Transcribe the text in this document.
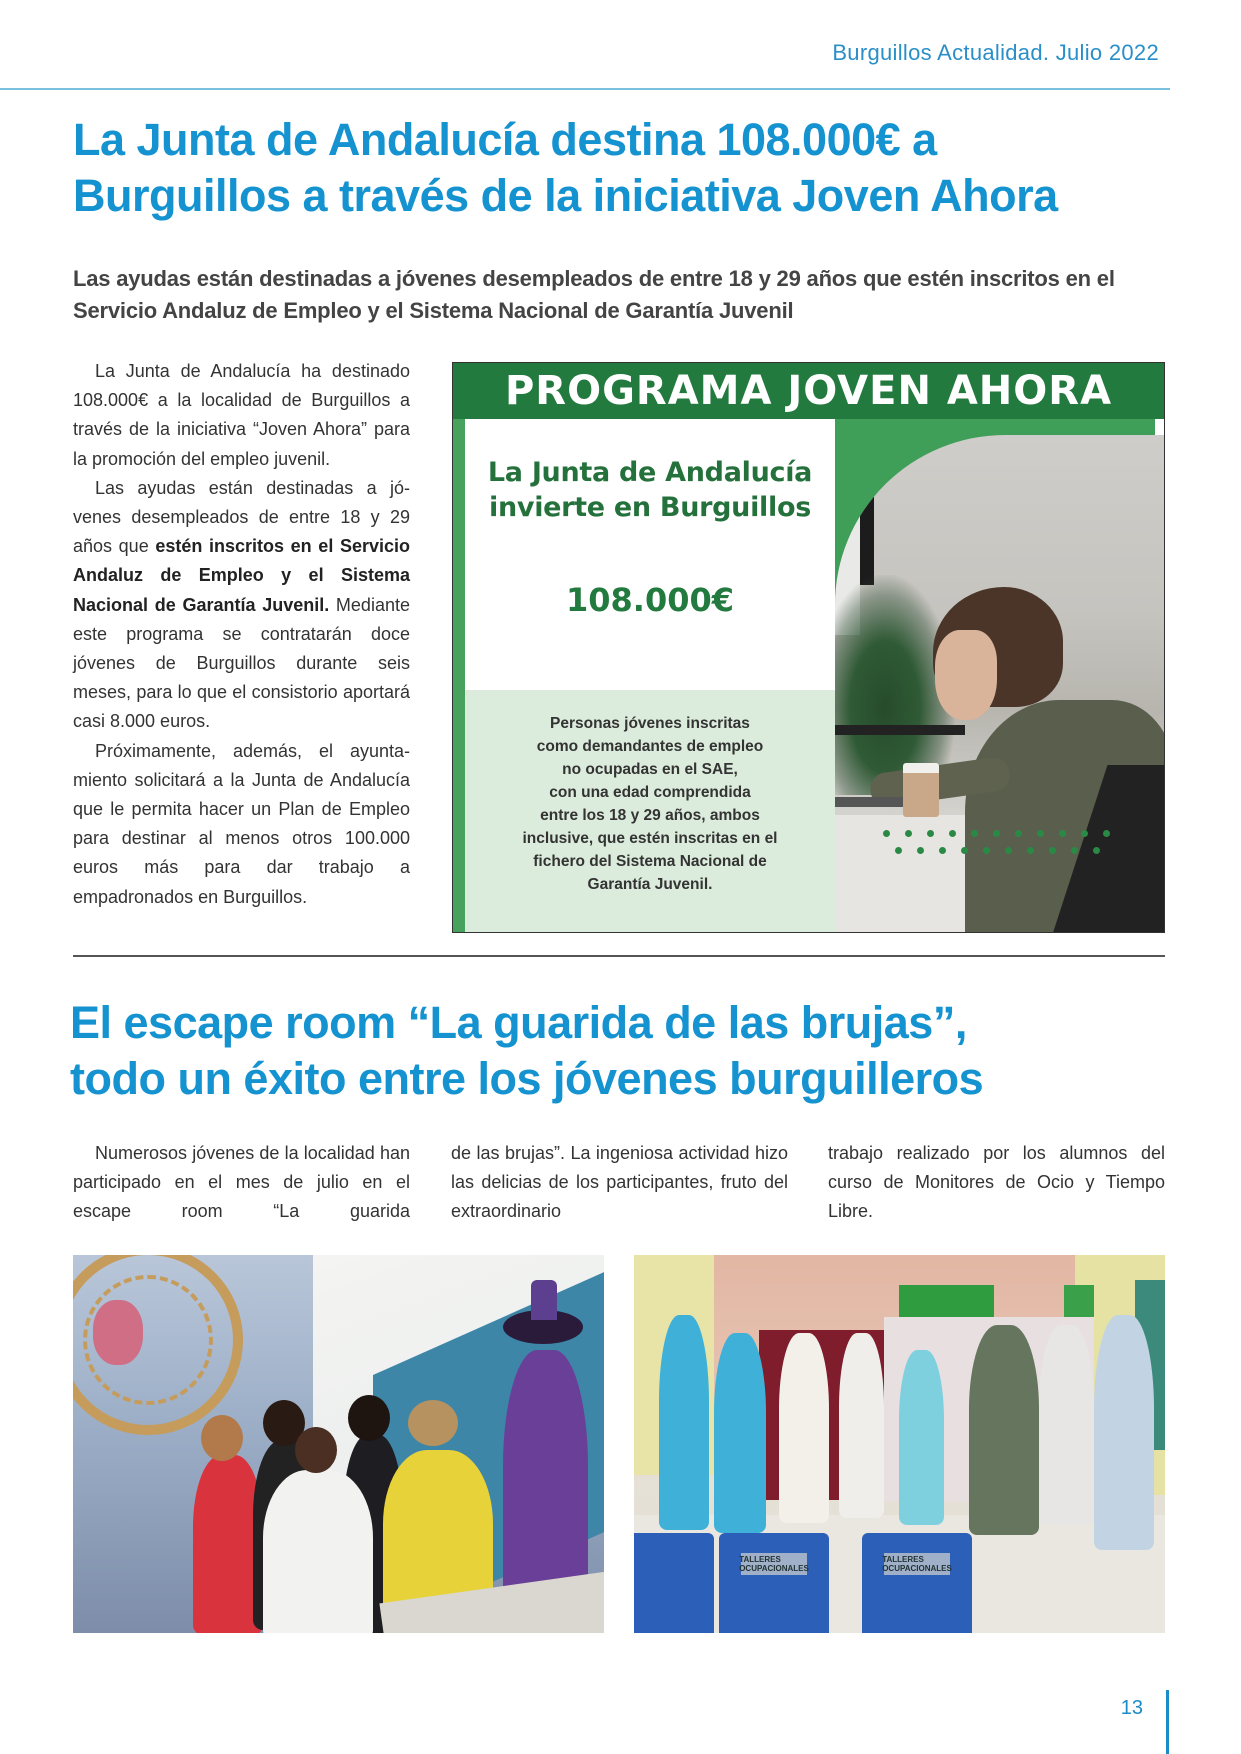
Burguillos Actualidad. Julio 2022
La Junta de Andalucía destina 108.000€ a
Burguillos a través de la iniciativa Joven Ahora
Las ayudas están destinadas a jóvenes desempleados de entre 18 y 29 años que estén inscritos en el Servicio Andaluz de Empleo y el Sistema Nacional de Garantía Juvenil

La Junta de Andalucía ha destinado 108.000€ a la localidad de Burguillos a través de la iniciativa “Joven Ahora” para la promoción del empleo juvenil.

Las ayudas están destinadas a jóvenes desempleados de entre 18 y 29 años que estén inscritos en el Servicio Andaluz de Empleo y el Sistema Nacional de Garantía Juvenil. Mediante este programa se contratarán doce jóvenes de Burguillos durante seis meses, para lo que el consistorio aportará casi 8.000 euros.

Próximamente, además, el ayuntamiento solicitará a la Junta de Andalucía que le permita hacer un Plan de Empleo para destinar al menos otros 100.000 euros más para dar trabajo a empadronados en Burguillos.

PROGRAMA JOVEN AHORA
La Junta de Andalucía
invierte en Burguillos
108.000€
Personas jóvenes inscritas
como demandantes de empleo
no ocupadas en el SAE,
con una edad comprendida
entre los 18 y 29 años, ambos
inclusive, que estén inscritas en el
fichero del Sistema Nacional de
Garantía Juvenil.
El escape room “La guarida de las brujas”,
todo un éxito entre los jóvenes burguilleros

Numerosos jóvenes de la localidad han participado en el mes de julio en el escape room “La guarida

de las brujas”. La ingeniosa actividad hizo las delicias de los participantes, fruto del extraordinario

trabajo realizado por los alumnos del curso de Monitores de Ocio y Tiempo Libre.

TALLERES OCUPACIONALES
TALLERES OCUPACIONALES
13
